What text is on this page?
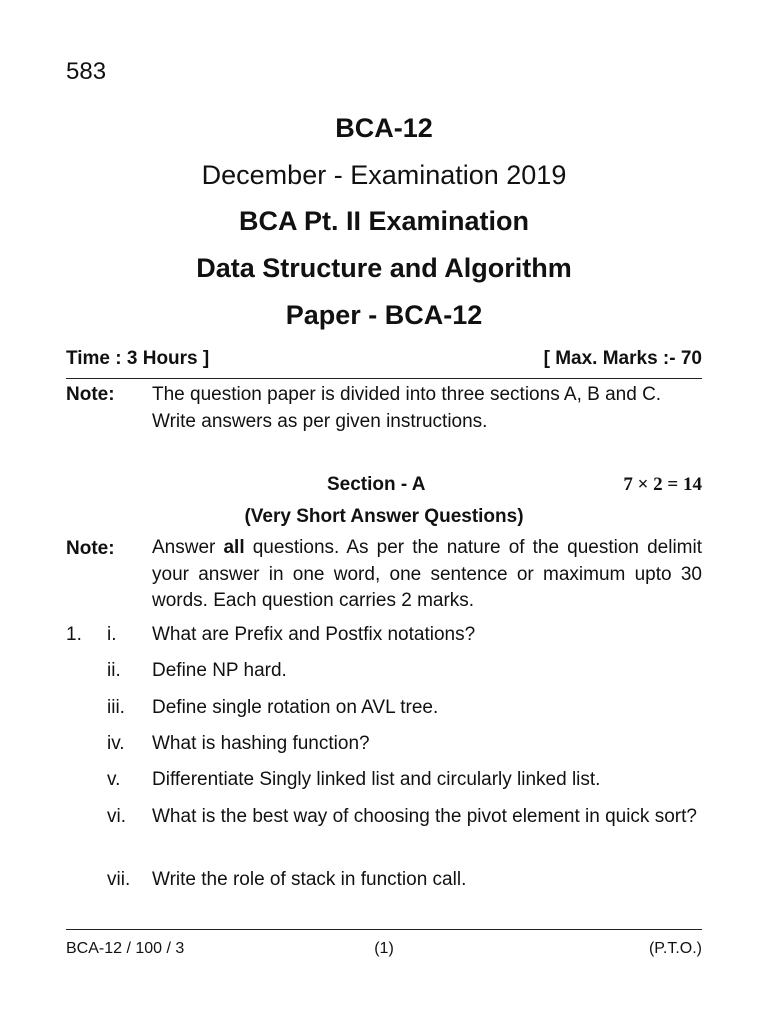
583
BCA-12
December - Examination 2019
BCA Pt. II Examination
Data Structure and Algorithm
Paper - BCA-12
Time : 3 Hours ]	[ Max. Marks :- 70
Note: The question paper is divided into three sections A, B and C. Write answers as per given instructions.
Section - A	7 × 2 = 14
(Very Short Answer Questions)
Note: Answer all questions. As per the nature of the question delimit your answer in one word, one sentence or maximum upto 30 words. Each question carries 2 marks.
1. i. What are Prefix and Postfix notations?
ii. Define NP hard.
iii. Define single rotation on AVL tree.
iv. What is hashing function?
v. Differentiate Singly linked list and circularly linked list.
vi. What is the best way of choosing the pivot element in quick sort?
vii. Write the role of stack in function call.
BCA-12 / 100 / 3	(1)	(P.T.O.)
